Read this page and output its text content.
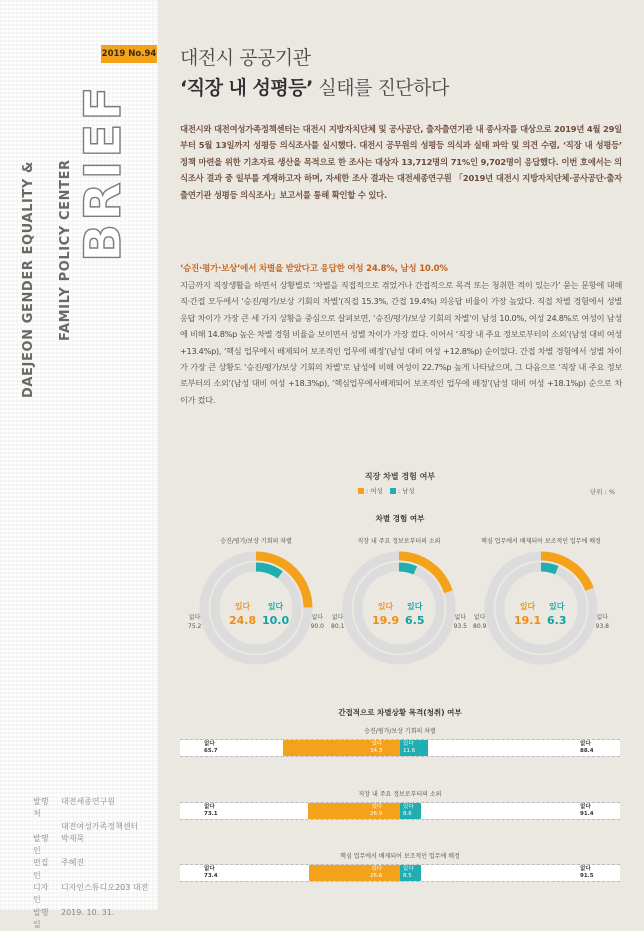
BRIEF
DAEJEON GENDER EQUALITY & FAMILY POLICY CENTER
발행처
대전세종연구원
대전여성가족정책센터
발행인
박재묵
편집인
주혜진
디자인
디자인스튜디오203 대전
발행일
2019. 10. 31.
2019 No.94 대전시 공공기관
‘직장 내 성평등’ 실태를 진단하다
대전시와 대전여성가족정책센터는 대전시 지방자치단체 및 공사공단, 출자출연기관 내 종사자를 대상으로 2019년 4월 29일부터 5월 13일까지 성평등 의식조사를 실시했다. 대전시 공무원의 성평등 의식과 실태 파악 및 의견 수렴, ‘직장 내 성평등’ 정책 마련을 위한 기초자료 생산을 목적으로 한 조사는 대상자 13,712명의 71%인 9,702명이 응답했다. 이번 호에서는 의식조사 결과 중 일부를 게재하고자 하며, 자세한 조사 결과는 대전세종연구원 「2019년 대전시 지방자치단체·공사공단·출자출연기관 성평등 의식조사」보고서를 통해 확인할 수 있다.
‘승진·평가·보상’에서 차별을 받았다고 응답한 여성 24.8%, 남성 10.0%
지금까지 직장생활을 하면서 상황별로 ‘차별을 직접적으로 겪었거나 간접적으로 목격 또는 청취한 적이 있는가’ 묻는 문항에 대해 직·간접 모두에서 ‘승진/평가/보상 기회의 차별’(직접 15.3%, 간접 19.4%) 의응답 비율이 가장 높았다. 직접 차별 경험에서 성별 응답 차이가 가장 큰 세 가지 상황을 중심으로 살펴보면, ‘승진/평가/보상 기회의 차별’이 남성 10.0%, 여성 24.8%로 여성이 남성에 비해 14.8%p 높은 차별 경험 비율을 보이면서 성별 차이가 가장 컸다. 이어서 ‘직장 내 주요 정보로부터의 소외’(남성 대비 여성 +13.4%p), ‘핵심 업무에서 배제되어 보조적인 업무에 배정’(남성 대비 여성 +12.8%p) 순이었다. 간접 차별 경험에서 성별 차이가 가장 큰 상황도 ‘승진/평가/보상 기회의 차별’로 남성에 비해 여성이 22.7%p 높게 나타났으며, 그 다음으로 ‘직장 내 주요 정보로부터의 소외’(남성 대비 여성 +18.3%p), ‘핵심업무에서배제되어 보조적인 업무에 배정’(남성 대비 여성 +18.1%p) 순으로 차이가 컸다.
직장 차별 경험 여부
: 여성	: 남성	단위 : %
차별 경험 여부
승진/평가/보상 기회의 차별
없다
75.2
없다
90.0
있다
24.8
있다
10.0
직장 내 주요 정보로부터의 소외
없다
80.1
없다
93.5
있다
19.9
있다
6.5
핵심 업무에서 배제되어 보조적인 업무에 배정
없다
80.9
없다
93.8
있다
19.1
있다
6.3
간접적으로 차별상황 목격(청취) 여부
승진/평가/보상 기회의 차별
없다
65.7
있다
34.3
있다
11.6
없다
88.4
직장 내 주요 정보로부터의 소외
없다
73.1
있다
26.9
있다
8.6
없다
91.4
핵심 업무에서 배제되어 보조적인 업무에 배정
없다
73.4
있다
26.6
있다
8.5
없다
91.5
